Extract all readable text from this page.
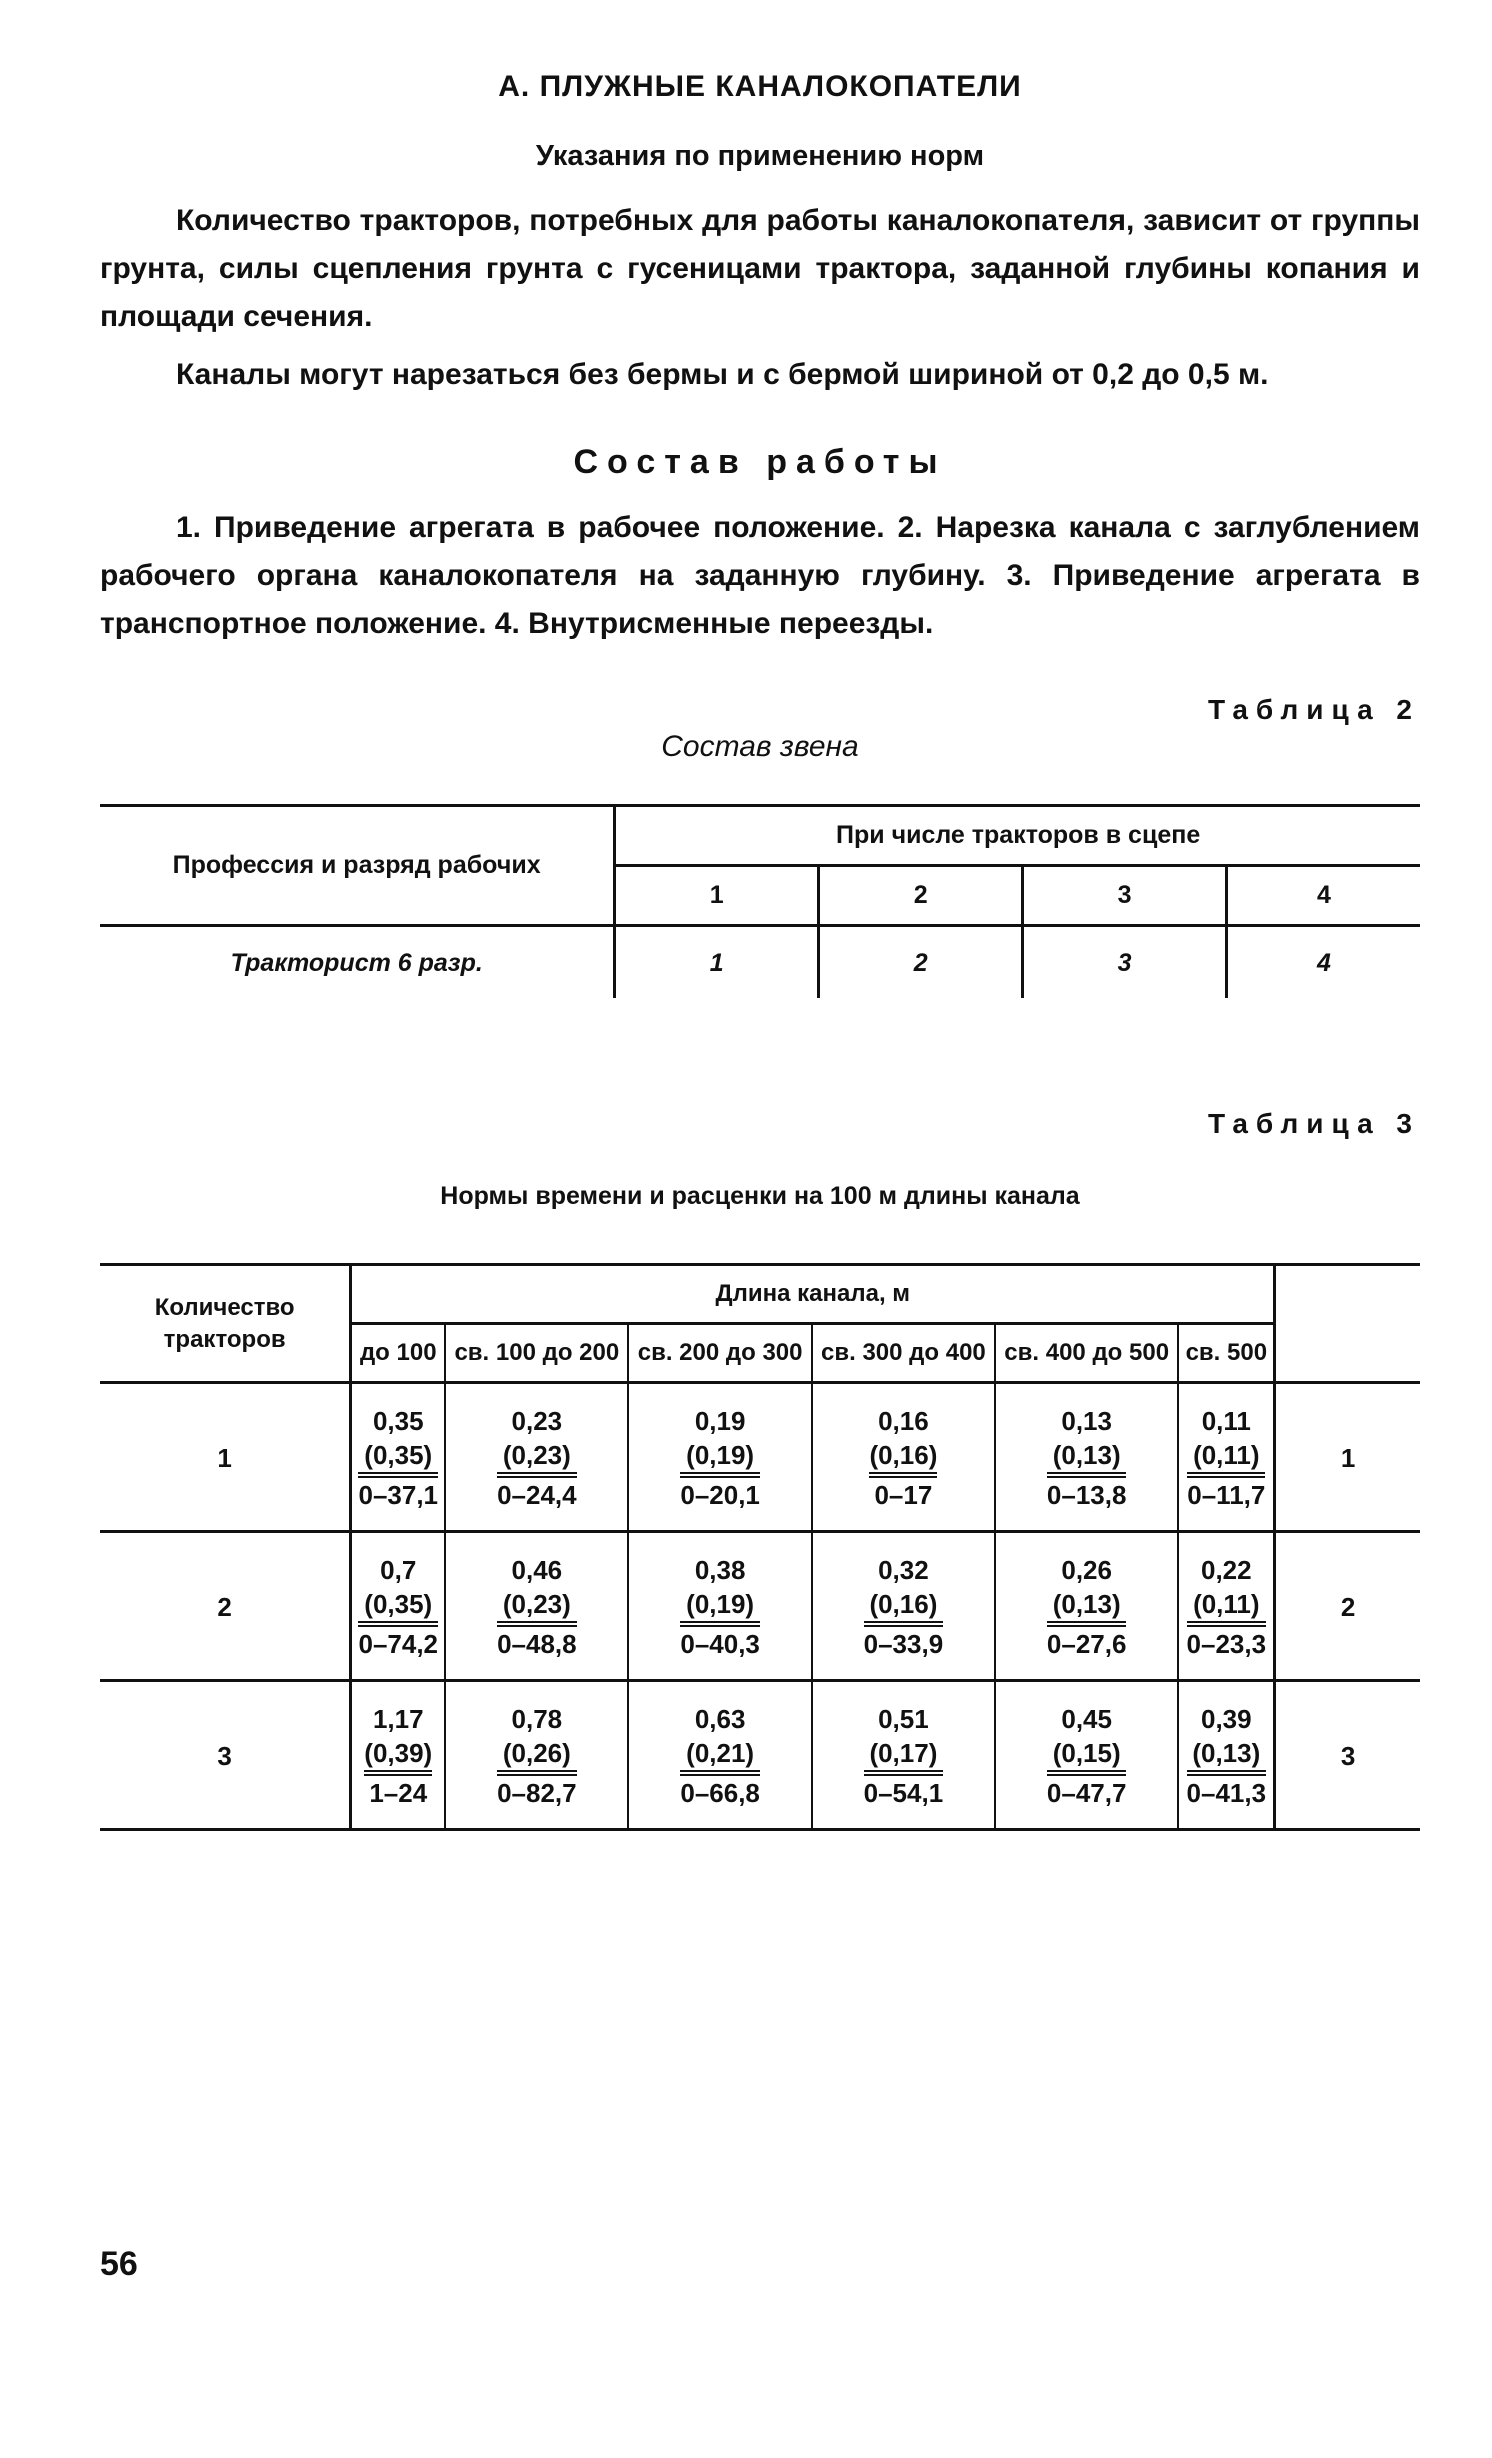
А. ПЛУЖНЫЕ КАНАЛОКОПАТЕЛИ
Указания по применению норм

Количество тракторов, потребных для работы каналокопателя, зависит от группы грунта, силы сцепления грунта с гусеницами трактора, заданной глубины копания и площади сечения.

Каналы могут нарезаться без бермы и с бермой шириной от 0,2 до 0,5 м.

Состав работы

1. Приведение агрегата в рабочее положение. 2. Нарезка канала с заглублением рабочего органа каналокопателя на заданную глубину. 3. Приведение агрегата в транспортное положение. 4. Внутрисменные переезды.

Таблица 2
Состав звена
Профессия и разряд рабочих	При числе тракторов в сцепе			
	1	2	3	4
Тракторист 6 разр.	1	2	3	4
Таблица 3
Нормы времени и расценки на 100 м длины канала
Количество тракторов	Длина канала, м						
	до 100	св. 100 до 200	св. 200 до 300	св. 300 до 400	св. 400 до 500	св. 500	
1	0,35
(0,35)
0–37,1	0,23
(0,23)
0–24,4	0,19
(0,19)
0–20,1	0,16
(0,16)
0–17	0,13
(0,13)
0–13,8	0,11
(0,11)
0–11,7	1
2	0,7
(0,35)
0–74,2	0,46
(0,23)
0–48,8	0,38
(0,19)
0–40,3	0,32
(0,16)
0–33,9	0,26
(0,13)
0–27,6	0,22
(0,11)
0–23,3	2
3	1,17
(0,39)
1–24	0,78
(0,26)
0–82,7	0,63
(0,21)
0–66,8	0,51
(0,17)
0–54,1	0,45
(0,15)
0–47,7	0,39
(0,13)
0–41,3	3
56
